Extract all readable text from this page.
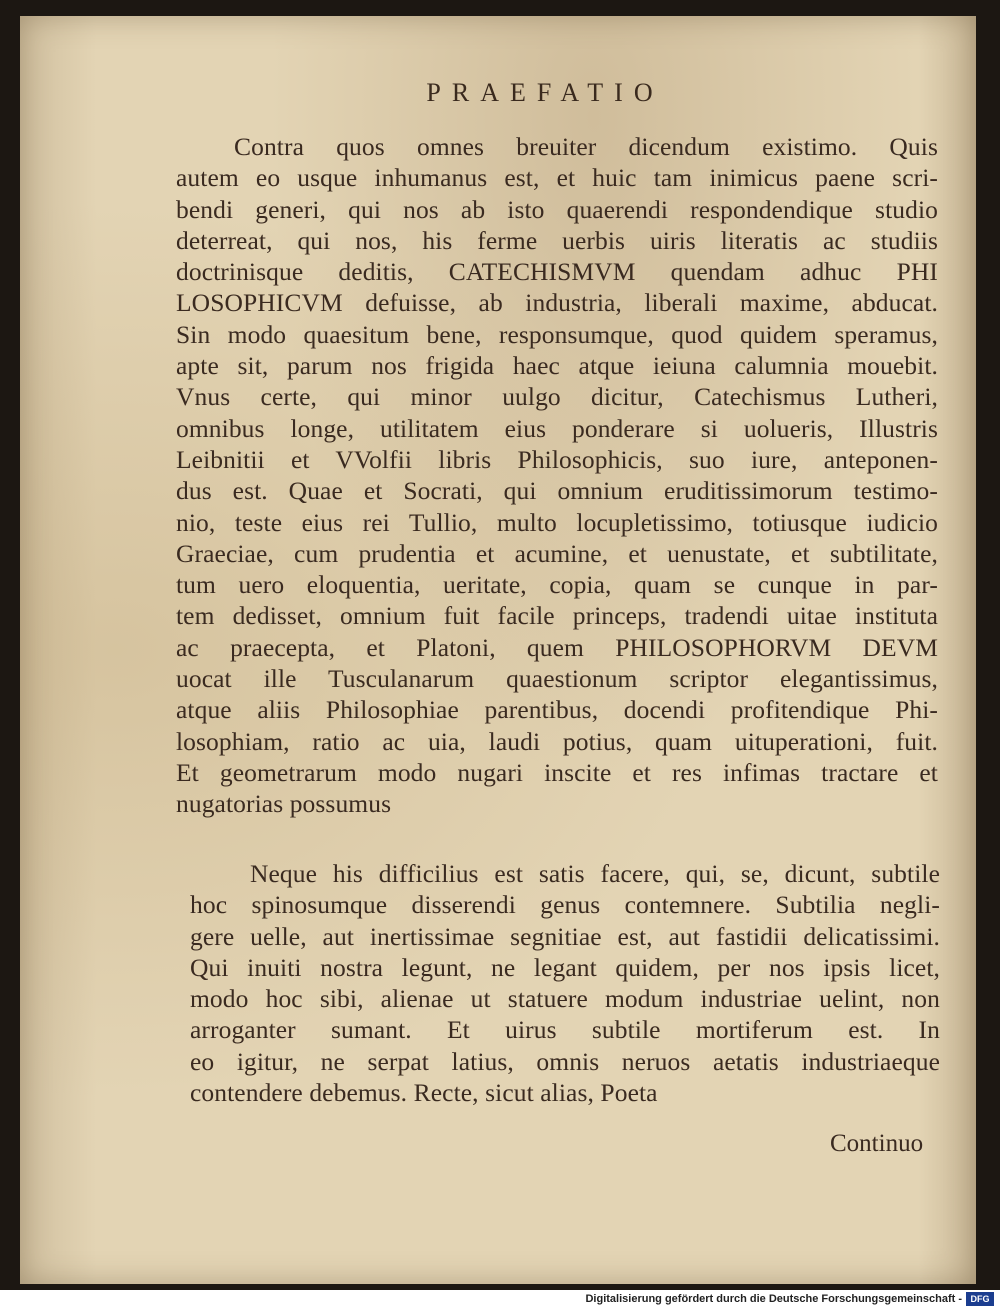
PRAEFATIO
Contra quos omnes breuiter dicendum existimo. Quis
autem eo usque inhumanus est, et huic tam inimicus paene scri-
bendi generi, qui nos ab isto quaerendi respondendique studio
deterreat, qui nos, his ferme uerbis uiris literatis ac studiis
doctrinisque deditis, CATECHISMVM quendam adhuc PHI
LOSOPHICVM defuisse, ab industria, liberali maxime, abducat.
Sin modo quaesitum bene, responsumque, quod quidem speramus,
apte sit, parum nos frigida haec atque ieiuna calumnia mouebit.
Vnus certe, qui minor uulgo dicitur, Catechismus Lutheri,
omnibus longe, utilitatem eius ponderare si uolueris, Illustris
Leibnitii et VVolfii libris Philosophicis, suo iure, anteponen-
dus est. Quae et Socrati, qui omnium eruditissimorum testimo-
nio, teste eius rei Tullio, multo locupletissimo, totiusque iudicio
Graeciae, cum prudentia et acumine, et uenustate, et subtilitate,
tum uero eloquentia, ueritate, copia, quam se cunque in par-
tem dedisset, omnium fuit facile princeps, tradendi uitae instituta
ac praecepta, et Platoni, quem PHILOSOPHORVM DEVM
uocat ille Tusculanarum quaestionum scriptor elegantissimus,
atque aliis Philosophiae parentibus, docendi profitendique Phi-
losophiam, ratio ac uia, laudi potius, quam uituperationi, fuit.
Et geometrarum modo nugari inscite et res infimas tractare et
nugatorias possumus
Neque his difficilius est satis facere, qui, se, dicunt, subtile
hoc spinosumque disserendi genus contemnere. Subtilia negli-
gere uelle, aut inertissimae segnitiae est, aut fastidii delicatissimi.
Qui inuiti nostra legunt, ne legant quidem, per nos ipsis licet,
modo hoc sibi, alienae ut statuere modum industriae uelint, non
arroganter sumant. Et uirus subtile mortiferum est. In
eo igitur, ne serpat latius, omnis neruos aetatis industriaeque
contendere debemus. Recte, sicut alias, Poeta
Continuo
Digitalisierung gefördert durch die Deutsche Forschungsgemeinschaft - DFG
